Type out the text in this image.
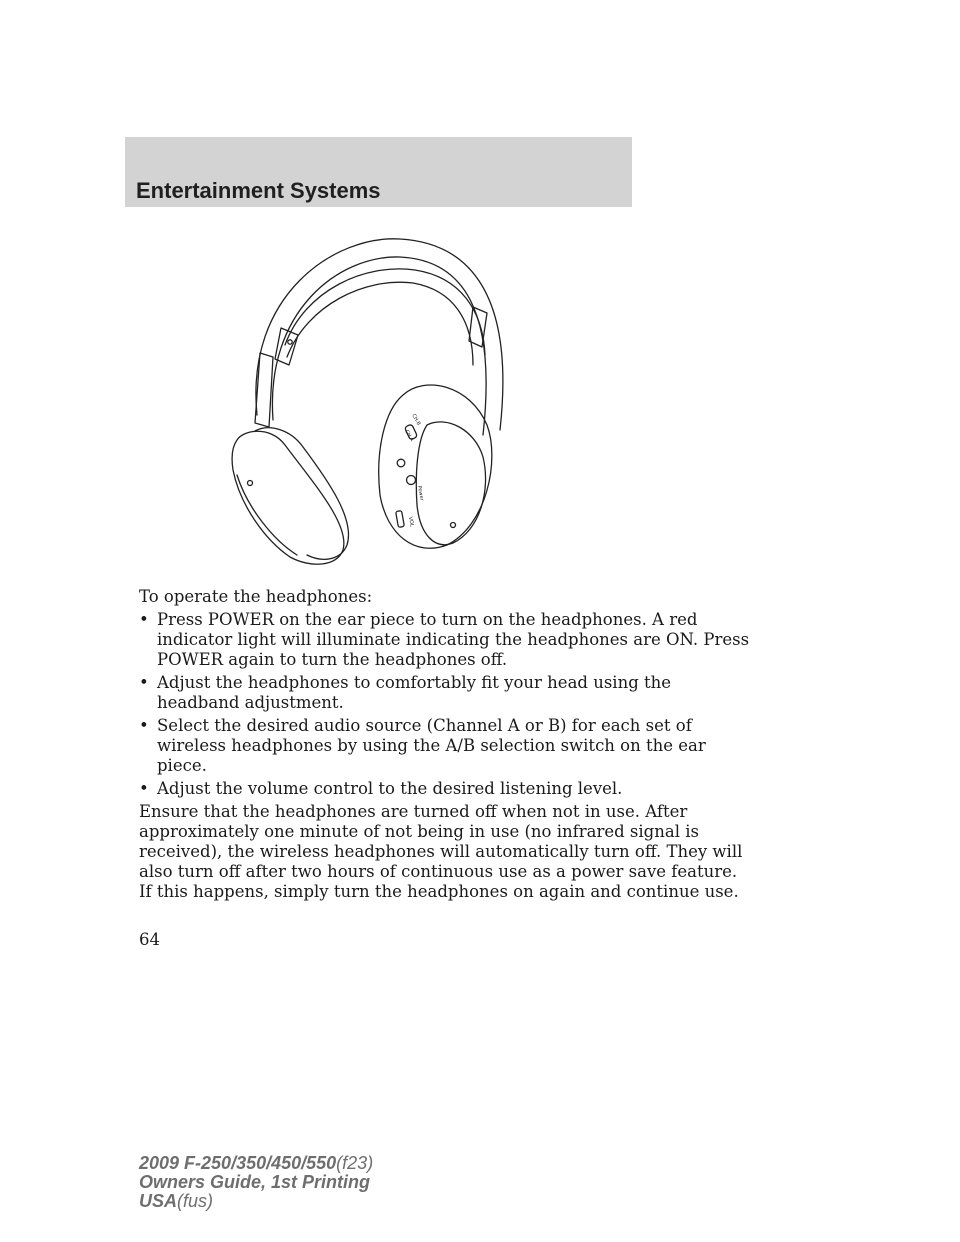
Entertainment Systems
CH.B
CH.A
Power
VOL

To operate the headphones:

• Press POWER on the ear piece to turn on the headphones. A red
indicator light will illuminate indicating the headphones are ON. Press
POWER again to turn the headphones off.
• Adjust the headphones to comfortably fit your head using the
headband adjustment.
• Select the desired audio source (Channel A or B) for each set of
wireless headphones by using the A/B selection switch on the ear
piece.
• Adjust the volume control to the desired listening level.
Ensure that the headphones are turned off when not in use. After
approximately one minute of not being in use (no infrared signal is
received), the wireless headphones will automatically turn off. They will
also turn off after two hours of continuous use as a power save feature.
If this happens, simply turn the headphones on again and continue use.
64
2009 F-250/350/450/550(f23)
Owners Guide, 1st Printing
USA(fus)
